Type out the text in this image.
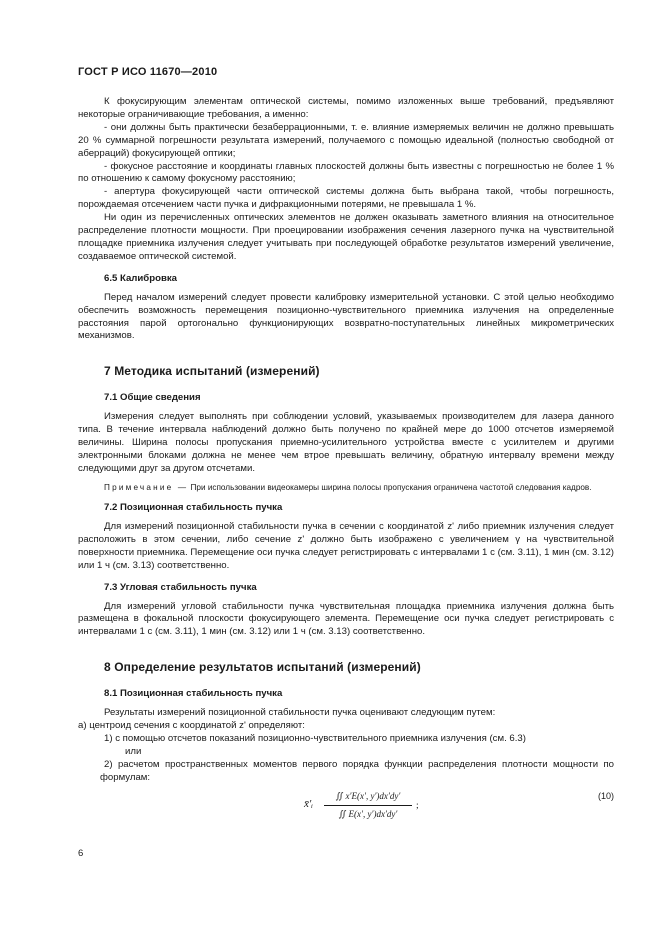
ГОСТ Р ИСО 11670—2010

К фокусирующим элементам оптической системы, помимо изложенных выше требований, предъявляют некоторые ограничивающие требования, а именно:

- они должны быть практически безаберрационными, т. е. влияние измеряемых величин не должно превышать 20 % суммарной погрешности результата измерений, получаемого с помощью идеальной (полностью свободной от аберраций) фокусирующей оптики;

- фокусное расстояние и координаты главных плоскостей должны быть известны с погрешностью не более 1 % по отношению к самому фокусному расстоянию;

- апертура фокусирующей части оптической системы должна быть выбрана такой, чтобы погрешность, порождаемая отсечением части пучка и дифракционными потерями, не превышала 1 %.

Ни один из перечисленных оптических элементов не должен оказывать заметного влияния на относительное распределение плотности мощности. При проецировании изображения сечения лазерного пучка на чувствительной площадке приемника излучения следует учитывать при последующей обработке результатов измерений увеличение, создаваемое оптической системой.

6.5 Калибровка

Перед началом измерений следует провести калибровку измерительной установки. С этой целью необходимо обеспечить возможность перемещения позиционно-чувствительного приемника излучения на определенные расстояния парой ортогонально функционирующих возвратно-поступательных линейных микрометрических механизмов.

7 Методика испытаний (измерений)
7.1 Общие сведения

Измерения следует выполнять при соблюдении условий, указываемых производителем для лазера данного типа. В течение интервала наблюдений должно быть получено по крайней мере до 1000 отсчетов измеряемой величины. Ширина полосы пропускания приемно-усилительного устройства вместе с усилителем и другими электронными блоками должна не менее чем втрое превышать величину, обратную интервалу времени между следующими друг за другом отсчетами.

Примечание — При использовании видеокамеры ширина полосы пропускания ограничена частотой следования кадров.

7.2 Позиционная стабильность пучка

Для измерений позиционной стабильности пучка в сечении с координатой z' либо приемник излучения следует расположить в этом сечении, либо сечение z' должно быть изображено с увеличением γ на чувствительной поверхности приемника. Перемещение оси пучка следует регистрировать с интервалами 1 с (см. 3.11), 1 мин (см. 3.12) или 1 ч (см. 3.13) соответственно.

7.3 Угловая стабильность пучка

Для измерений угловой стабильности пучка чувствительная площадка приемника излучения должна быть размещена в фокальной плоскости фокусирующего элемента. Перемещение оси пучка следует регистрировать с интервалами 1 с (см. 3.11), 1 мин (см. 3.12) или 1 ч (см. 3.13) соответственно.

8 Определение результатов испытаний (измерений)
8.1 Позиционная стабильность пучка

Результаты измерений позиционной стабильности пучка оценивают следующим путем:

а) центроид сечения с координатой z' определяют:

1) с помощью отсчетов показаний позиционно-чувствительного приемника излучения (см. 6.3)

или

2) расчетом пространственных моментов первого порядка функции распределения плотности мощности по формулам:

x̄′ᵢ
∬ x′E(x′, y′)dx′dy′
∬ E(x′, y′)dx′dy′
;
(10)
6
